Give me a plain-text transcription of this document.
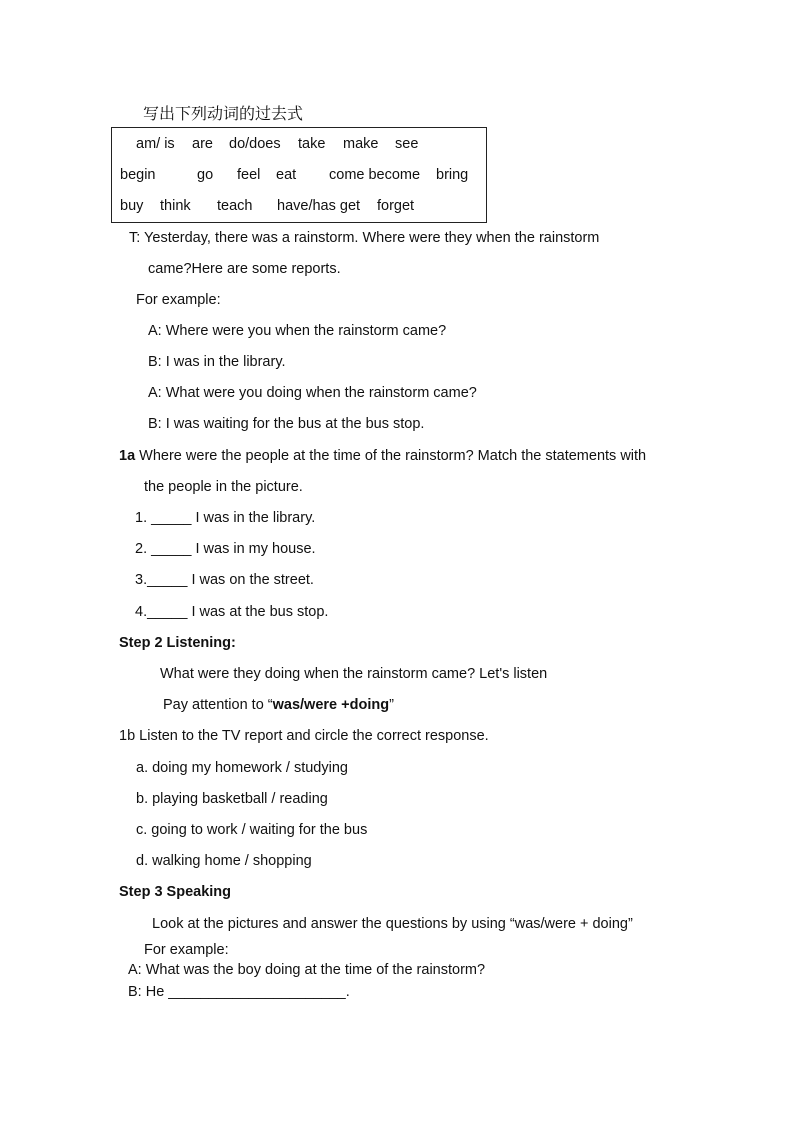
写出下列动词的过去式
am/ is are do/does take make see
begin	go feel eat come become bring
buy think teach have/has get forget
T: Yesterday, there was a rainstorm. Where were they when the rainstorm
came?Here are some reports.
For example:
A: Where were you when the rainstorm came?
B: I was in the library.
A: What were you doing when the rainstorm came?
B: I was waiting for the bus at the bus stop.
1a Where were the people at the time of the rainstorm? Match the statements with
the people in the picture.
1. _____ I was in the library.
2. _____ I was in my house.
3._____ I was on the street.
4._____ I was at the bus stop.
Step 2 Listening:
What were they doing when the rainstorm came? Let's listen
Pay attention to “was/were +doing”
1b Listen to the TV report and circle the correct response.
a. doing my homework / studying
b. playing basketball / reading
c. going to work / waiting for the bus
d. walking home / shopping
Step 3 Speaking
Look at the pictures and answer the questions by using “was/were + doing”
For example:
A: What was the boy doing at the time of the rainstorm?
B: He ______________________.
